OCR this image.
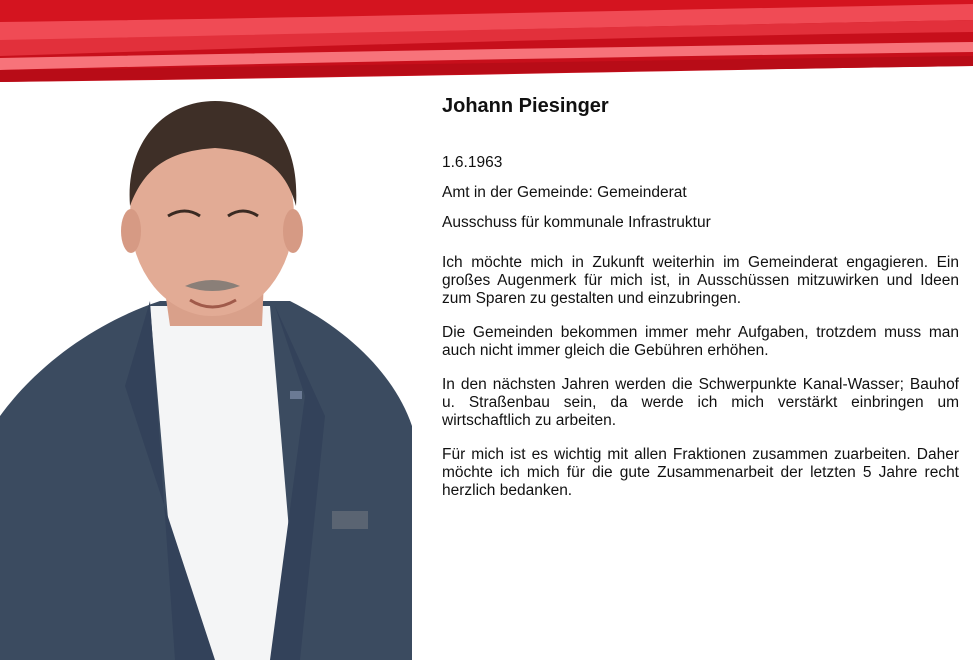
Johann Piesinger

1.6.1963

Amt in der Gemeinde: Gemeinderat

Ausschuss für kommunale Infrastruktur

Ich möchte mich in Zukunft weiterhin im Gemeinderat engagieren. Ein großes Augenmerk für mich ist, in Ausschüssen mitzuwirken und Ideen zum Sparen zu gestalten und einzubringen.

Die Gemeinden bekommen immer mehr Aufgaben, trotzdem muss man auch nicht immer gleich die Gebühren erhöhen.

In den nächsten Jahren werden die Schwerpunkte Kanal-Wasser; Bauhof u. Straßenbau sein, da werde ich mich verstärkt einbringen um wirtschaftlich zu arbeiten.

Für mich ist es wichtig mit allen Fraktionen zusammen zuarbeiten. Daher möchte ich mich für die gute Zusammenarbeit der letzten 5 Jahre recht herzlich bedanken.
